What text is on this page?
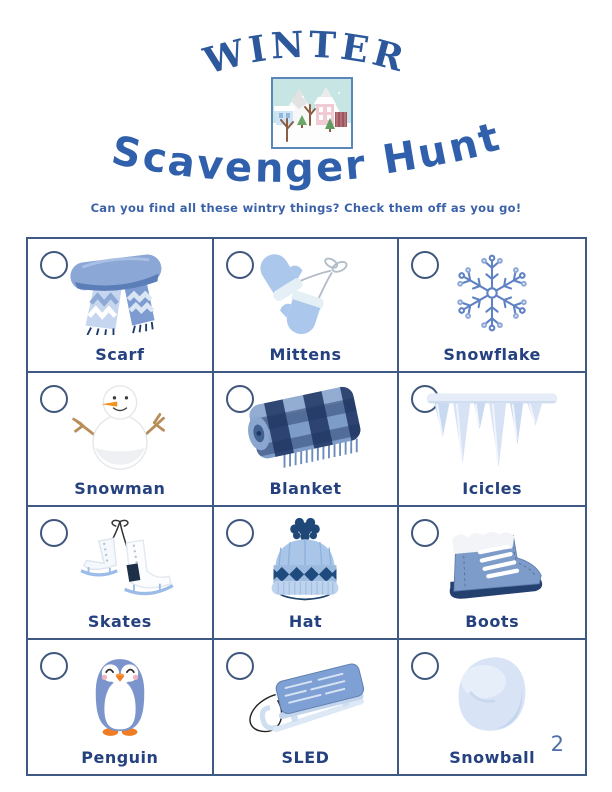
WINTER
Scavenger Hunt
Can you find all these wintry things? Check them off as you go!
Scarf	Mittens	Snowflake
Snowman	Blanket	Icicles
Skates	Hat	Boots
Penguin	SLED	Snowball
2
